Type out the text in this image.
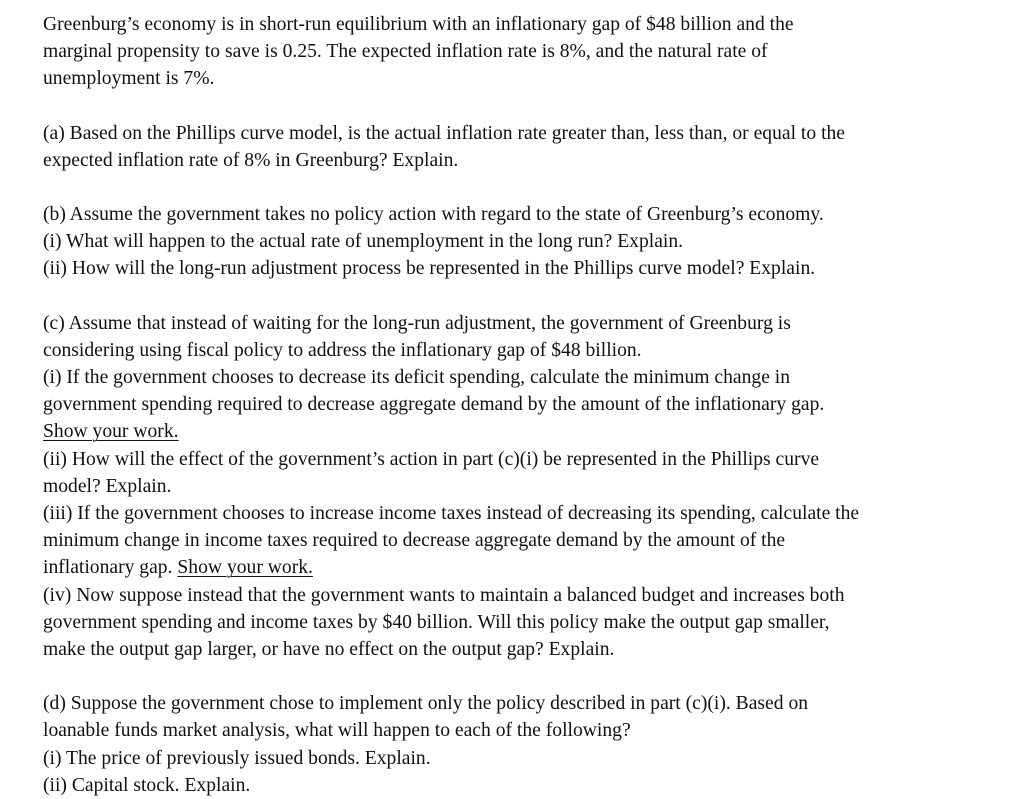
Greenburg’s economy is in short-run equilibrium with an inflationary gap of $48 billion and the
marginal propensity to save is 0.25. The expected inflation rate is 8%, and the natural rate of
unemployment is 7%.

(a) Based on the Phillips curve model, is the actual inflation rate greater than, less than, or equal to the
expected inflation rate of 8% in Greenburg? Explain.

(b) Assume the government takes no policy action with regard to the state of Greenburg’s economy.
(i) What will happen to the actual rate of unemployment in the long run? Explain.
(ii) How will the long-run adjustment process be represented in the Phillips curve model? Explain.

(c) Assume that instead of waiting for the long-run adjustment, the government of Greenburg is
considering using fiscal policy to address the inflationary gap of $48 billion.
(i) If the government chooses to decrease its deficit spending, calculate the minimum change in
government spending required to decrease aggregate demand by the amount of the inflationary gap.
Show your work.
(ii) How will the effect of the government’s action in part (c)(i) be represented in the Phillips curve
model? Explain.
(iii) If the government chooses to increase income taxes instead of decreasing its spending, calculate the
minimum change in income taxes required to decrease aggregate demand by the amount of the
inflationary gap. Show your work.
(iv) Now suppose instead that the government wants to maintain a balanced budget and increases both
government spending and income taxes by $40 billion. Will this policy make the output gap smaller,
make the output gap larger, or have no effect on the output gap? Explain.

(d) Suppose the government chose to implement only the policy described in part (c)(i). Based on
loanable funds market analysis, what will happen to each of the following?
(i) The price of previously issued bonds. Explain.
(ii) Capital stock. Explain.
